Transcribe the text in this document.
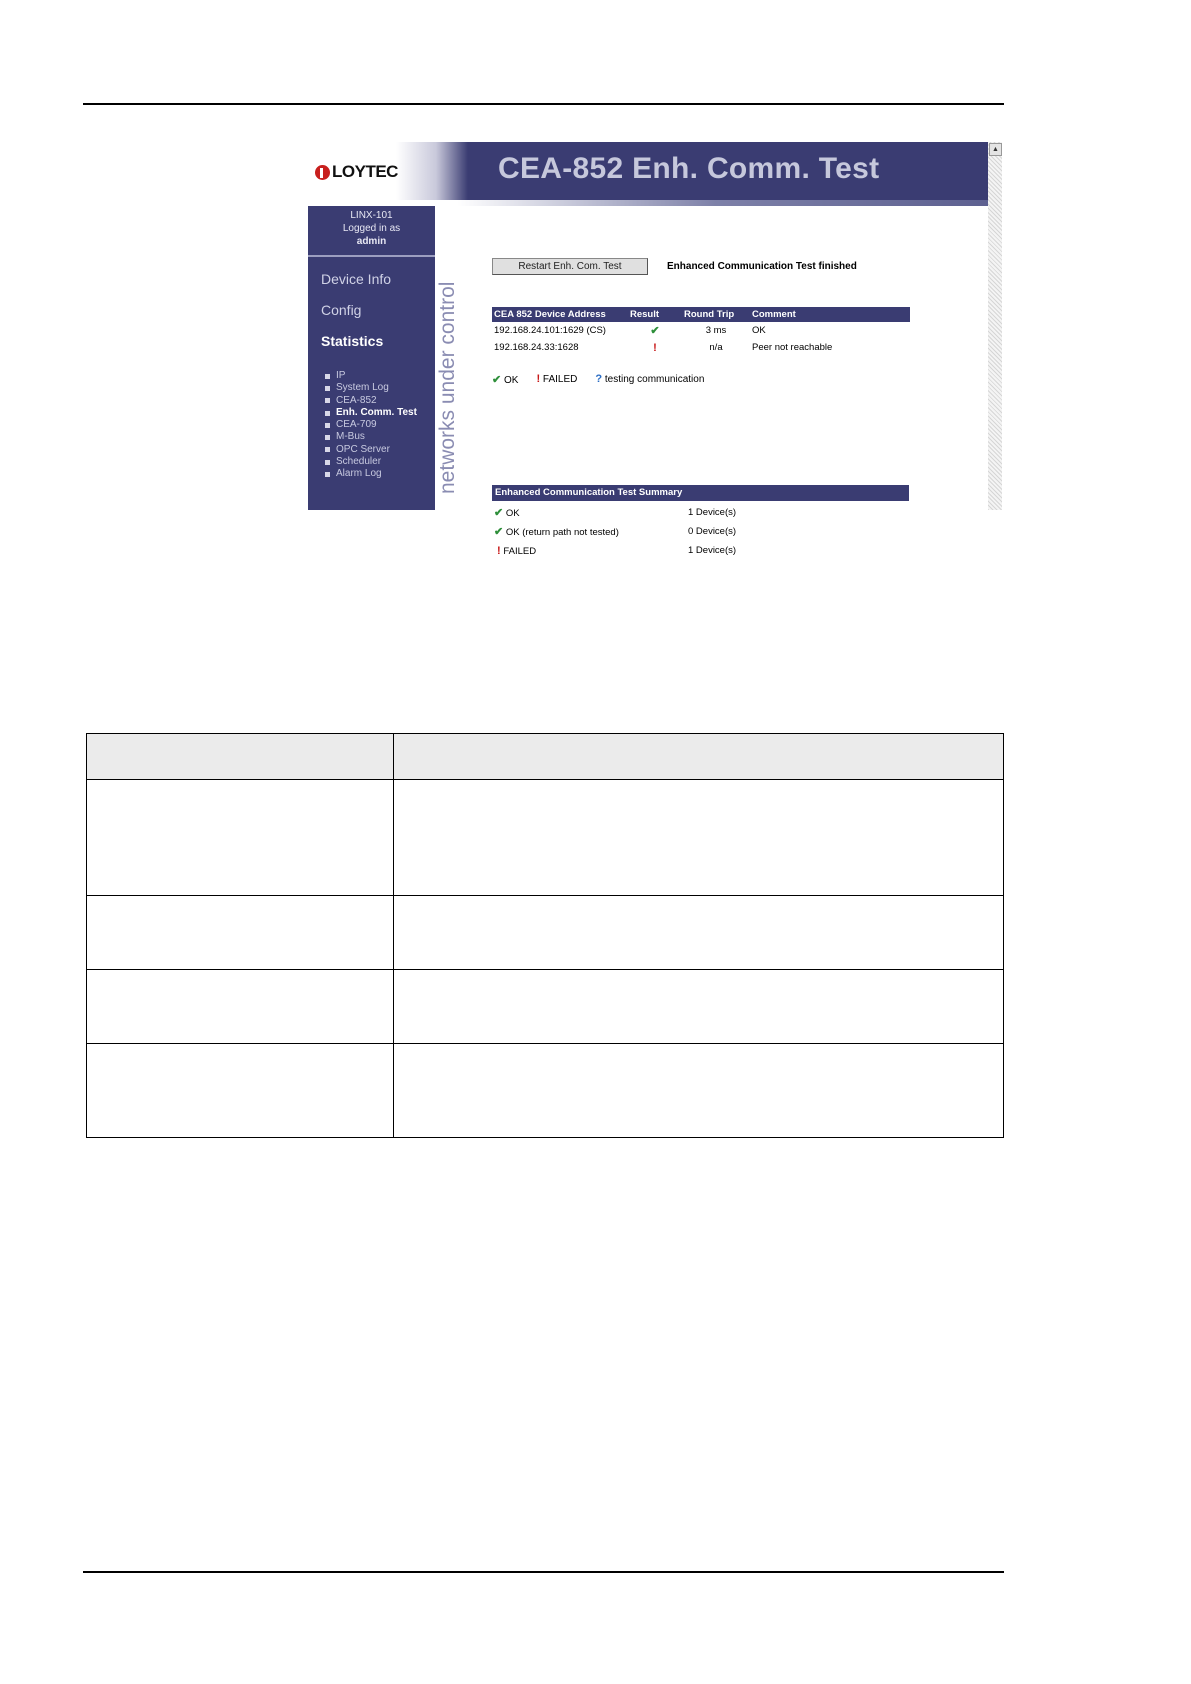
LOYTEC	CEA-852 Enh. Comm. Test
LINX-101
Logged in as
admin
Device Info
Config
Statistics
IP
System Log
CEA-852
Enh. Comm. Test
CEA-709
M-Bus
OPC Server
Scheduler
Alarm Log	networks under control
Restart Enh. Com. Test	Enhanced Communication Test finished
CEA 852 Device Address	Result	Round Trip	Comment
192.168.24.101:1629 (CS)	✔	3 ms	OK
192.168.24.33:1628	!	n/a	Peer not reachable
✔ OK ! FAILED ? testing communication
Enhanced Communication Test Summary
✔ OK	1 Device(s)
✔ OK (return path not tested)	0 Device(s)
! FAILED	1 Device(s)
▲
